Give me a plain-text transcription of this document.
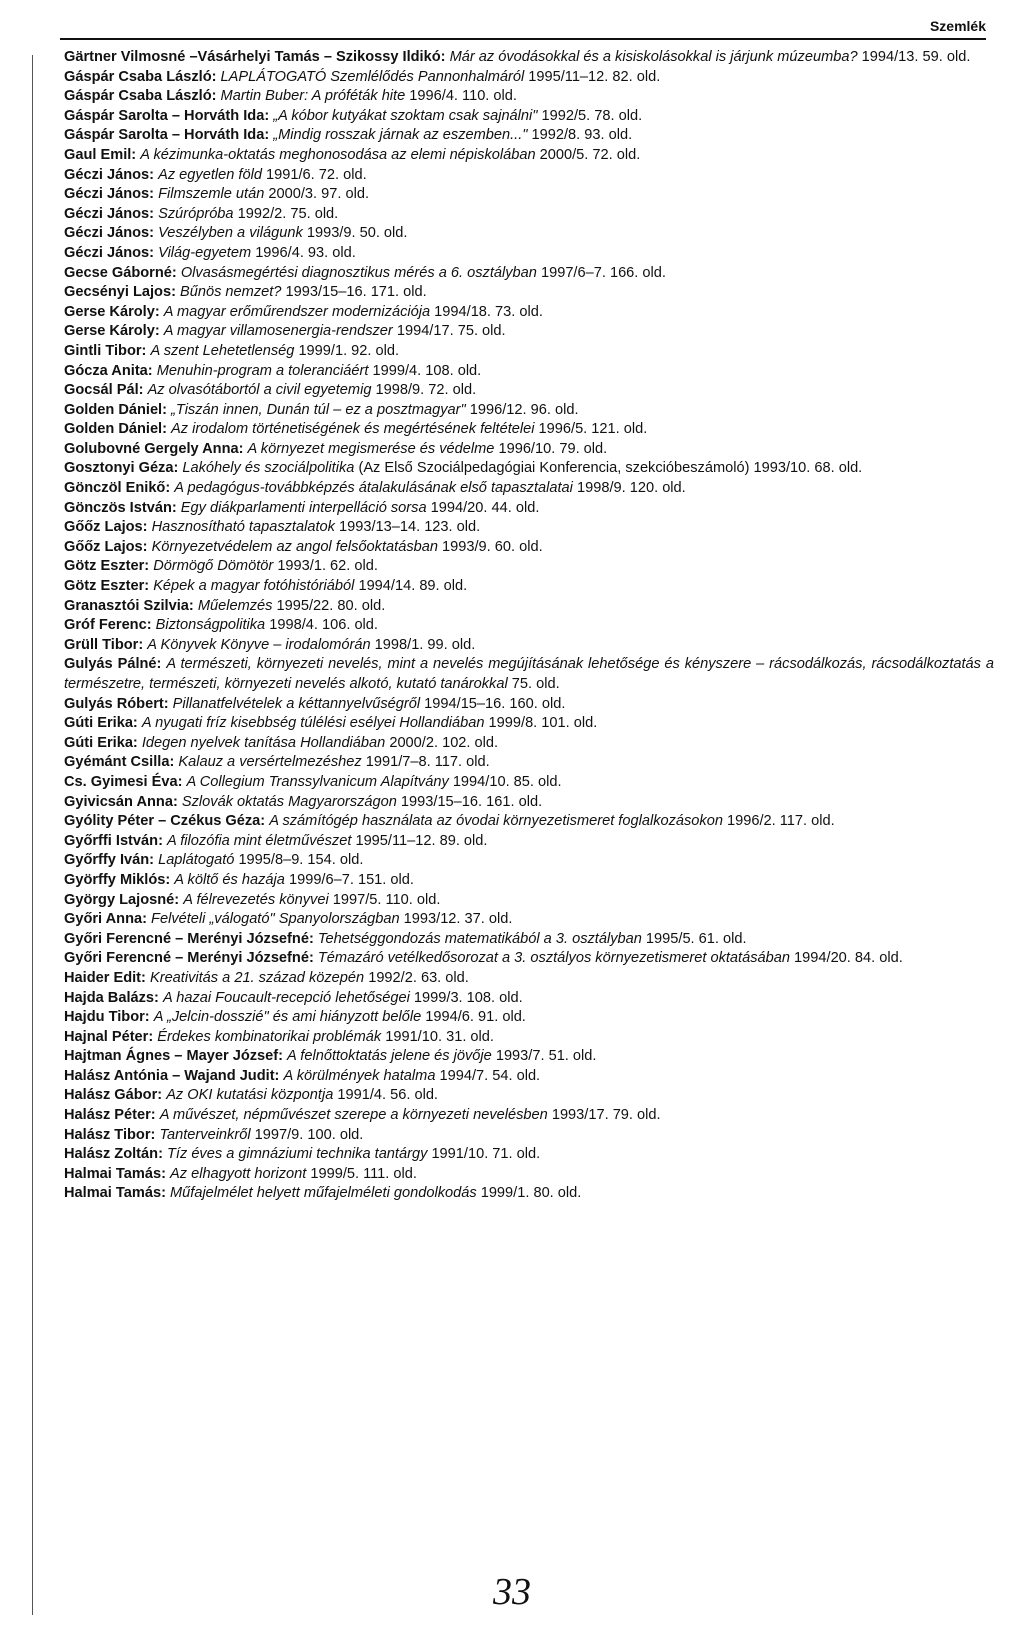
Szemlék
Gärtner Vilmosné –Vásárhelyi Tamás – Szikossy Ildikó: Már az óvodásokkal és a kisiskolásokkal is járjunk múzeumba? 1994/13. 59. old.
Gáspár Csaba László: LAPLÁTOGATÓ Szemlélődés Pannonhalmáról 1995/11–12. 82. old.
Gáspár Csaba László: Martin Buber: A próféták hite 1996/4. 110. old.
Gáspár Sarolta – Horváth Ida: „A kóbor kutyákat szoktam csak sajnálni" 1992/5. 78. old.
Gáspár Sarolta – Horváth Ida: „Mindig rosszak járnak az eszemben..." 1992/8. 93. old.
Gaul Emil: A kézimunka-oktatás meghonosodása az elemi népiskolában 2000/5. 72. old.
Géczi János: Az egyetlen föld 1991/6. 72. old.
Géczi János: Filmszemle után 2000/3. 97. old.
Géczi János: Szúrópróba 1992/2. 75. old.
Géczi János: Veszélyben a világunk 1993/9. 50. old.
Géczi János: Világ-egyetem 1996/4. 93. old.
Gecse Gáborné: Olvasásmegértési diagnosztikus mérés a 6. osztályban 1997/6–7. 166. old.
Gecsényi Lajos: Bűnös nemzet? 1993/15–16. 171. old.
Gerse Károly: A magyar erőműrendszer modernizációja 1994/18. 73. old.
Gerse Károly: A magyar villamosenergia-rendszer 1994/17. 75. old.
Gintli Tibor: A szent Lehetetlenség 1999/1. 92. old.
Gócza Anita: Menuhin-program a toleranciáért 1999/4. 108. old.
Gocsál Pál: Az olvasótábortól a civil egyetemig 1998/9. 72. old.
Golden Dániel: „Tiszán innen, Dunán túl – ez a posztmagyar" 1996/12. 96. old.
Golden Dániel: Az irodalom történetiségének és megértésének feltételei 1996/5. 121. old.
Golubovné Gergely Anna: A környezet megismerése és védelme 1996/10. 79. old.
Gosztonyi Géza: Lakóhely és szociálpolitika (Az Első Szociálpedagógiai Konferencia, szekcióbeszámoló) 1993/10. 68. old.
Gönczöl Enikő: A pedagógus-továbbképzés átalakulásának első tapasztalatai 1998/9. 120. old.
Gönczös István: Egy diákparlamenti interpelláció sorsa 1994/20. 44. old.
Gőőz Lajos: Hasznosítható tapasztalatok 1993/13–14. 123. old.
Gőőz Lajos: Környezetvédelem az angol felsőoktatásban 1993/9. 60. old.
Götz Eszter: Dörmögő Dömötör 1993/1. 62. old.
Götz Eszter: Képek a magyar fotóhistóriából 1994/14. 89. old.
Granasztói Szilvia: Műelemzés 1995/22. 80. old.
Gróf Ferenc: Biztonságpolitika 1998/4. 106. old.
Grüll Tibor: A Könyvek Könyve – irodalomórán 1998/1. 99. old.
Gulyás Pálné: A természeti, környezeti nevelés, mint a nevelés megújításának lehetősége és kényszere – rácsodálkozás, rácsodálkoztatás a természetre, természeti, környezeti nevelés alkotó, kutató tanárokkal 75. old.
Gulyás Róbert: Pillanatfelvételek a kéttannyelvűségről 1994/15–16. 160. old.
Gúti Erika: A nyugati fríz kisebbség túlélési esélyei Hollandiában 1999/8. 101. old.
Gúti Erika: Idegen nyelvek tanítása Hollandiában 2000/2. 102. old.
Gyémánt Csilla: Kalauz a versértelmezéshez 1991/7–8. 117. old.
Cs. Gyimesi Éva: A Collegium Transsylvanicum Alapítvány 1994/10. 85. old.
Gyivicsán Anna: Szlovák oktatás Magyarországon 1993/15–16. 161. old.
Gyólity Péter – Czékus Géza: A számítógép használata az óvodai környezetismeret foglalkozásokon 1996/2. 117. old.
Győrffi István: A filozófia mint életművészet 1995/11–12. 89. old.
Győrffy Iván: Laplátogató 1995/8–9. 154. old.
Györffy Miklós: A költő és hazája 1999/6–7. 151. old.
György Lajosné: A félrevezetés könyvei 1997/5. 110. old.
Győri Anna: Felvételi „válogató" Spanyolországban 1993/12. 37. old.
Győri Ferencné – Merényi Józsefné: Tehetséggondozás matematikából a 3. osztályban 1995/5. 61. old.
Győri Ferencné – Merényi Józsefné: Témazáró vetélkedősorozat a 3. osztályos környezetismeret oktatásában 1994/20. 84. old.
Haider Edit: Kreativitás a 21. század közepén 1992/2. 63. old.
Hajda Balázs: A hazai Foucault-recepció lehetőségei 1999/3. 108. old.
Hajdu Tibor: A „Jelcin-dosszié" és ami hiányzott belőle 1994/6. 91. old.
Hajnal Péter: Érdekes kombinatorikai problémák 1991/10. 31. old.
Hajtman Ágnes – Mayer József: A felnőttoktatás jelene és jövője 1993/7. 51. old.
Halász Antónia – Wajand Judit: A körülmények hatalma 1994/7. 54. old.
Halász Gábor: Az OKI kutatási központja 1991/4. 56. old.
Halász Péter: A művészet, népművészet szerepe a környezeti nevelésben 1993/17. 79. old.
Halász Tibor: Tanterveinkről 1997/9. 100. old.
Halász Zoltán: Tíz éves a gimnáziumi technika tantárgy 1991/10. 71. old.
Halmai Tamás: Az elhagyott horizont 1999/5. 111. old.
Halmai Tamás: Műfajelmélet helyett műfajelméleti gondolkodás 1999/1. 80. old.
33
